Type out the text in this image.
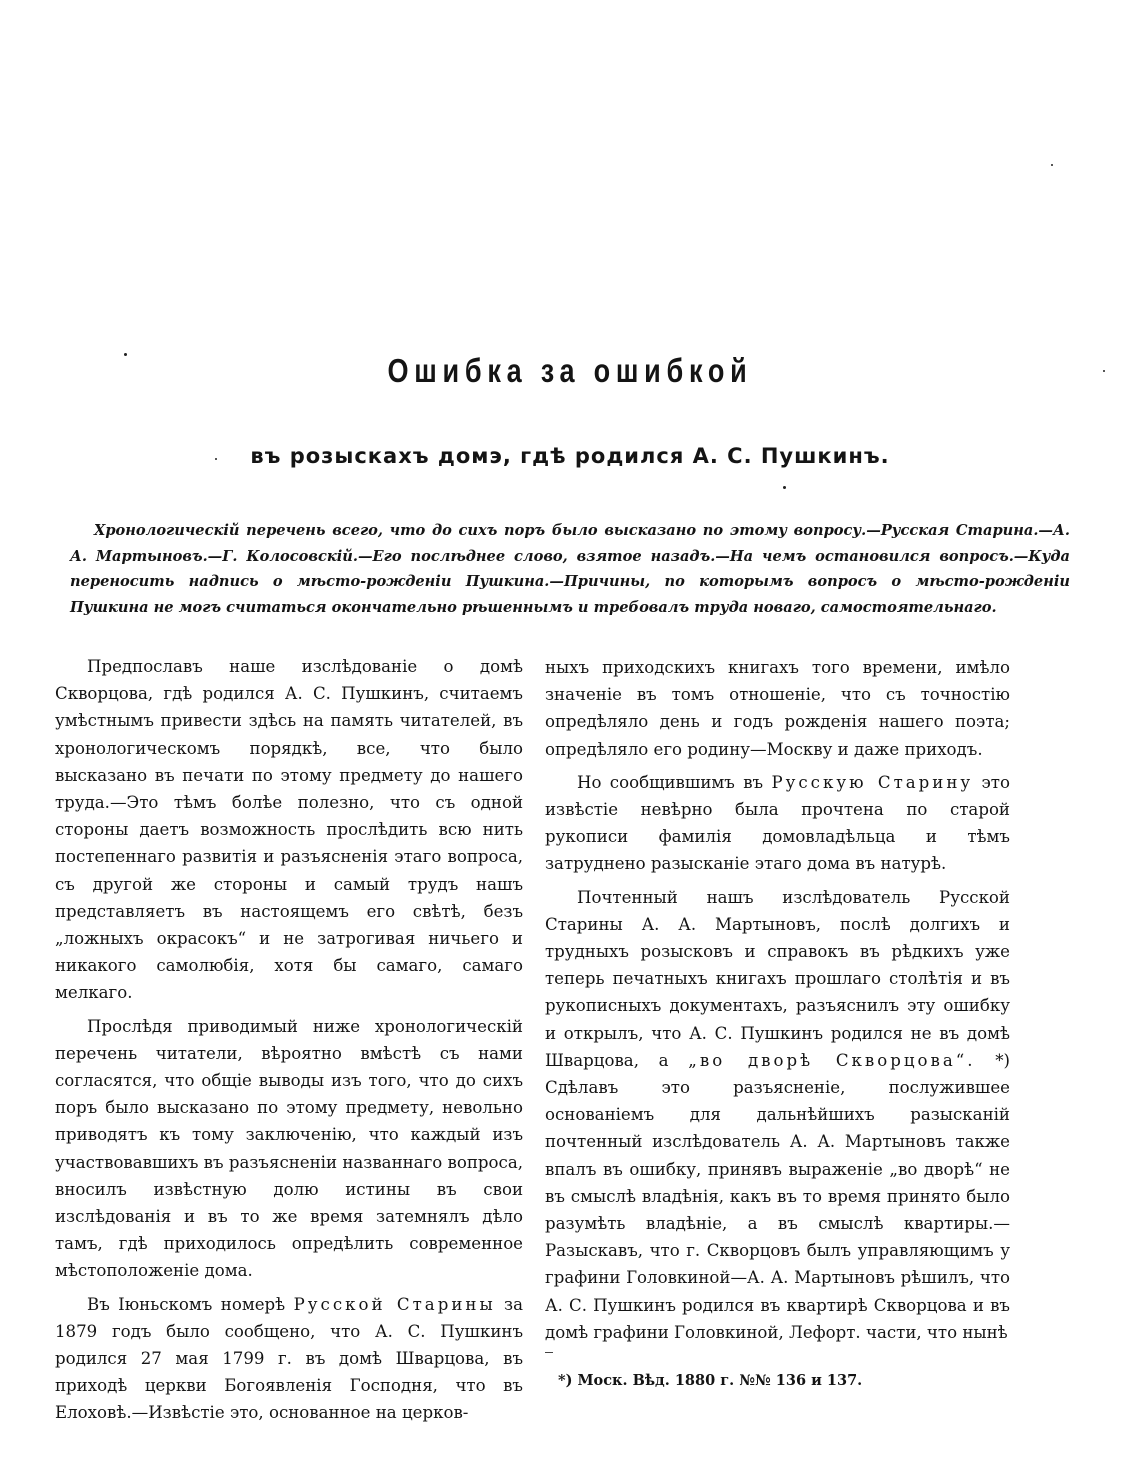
Ошибка за ошибкой
въ розыскахъ домэ, гдѣ родился А. С. Пушкинъ.

Хронологическій перечень всего, что до сихъ поръ было высказано по этому вопросу.—Русская Старина.—А. А. Мартыновъ.—Г. Колосовскій.—Его послѣднее слово, взятое назадъ.—На чемъ остановился вопросъ.—Куда переносить надпись о мѣсто-рожденіи Пушкина.—Причины, по которымъ вопросъ о мѣсто-рожденіи Пушкина не могъ считаться окончательно рѣшеннымъ и требовалъ труда новаго, самостоятельнаго.

Предпославъ наше изслѣдованіе о домѣ Скворцова, гдѣ родился А. С. Пушкинъ, считаемъ умѣстнымъ привести здѣсь на память читателей, въ хронологическомъ порядкѣ, все, что было высказано въ печати по этому предмету до нашего труда.—Это тѣмъ болѣе полезно, что съ одной стороны даетъ возможность прослѣдить всю нить постепеннаго развитія и разъясненія этаго вопроса, съ другой же стороны и самый трудъ нашъ представляетъ въ настоящемъ его свѣтѣ, безъ „ложныхъ окрасокъ“ и не затрогивая ничьего и никакого самолюбія, хотя бы самаго, самаго мелкаго.

Прослѣдя приводимый ниже хронологическій перечень читатели, вѣроятно вмѣстѣ съ нами согласятся, что общіе выводы изъ того, что до сихъ поръ было высказано по этому предмету, невольно приводятъ къ тому заключенію, что каждый изъ участвовавшихъ въ разъясненіи названнаго вопроса, вносилъ извѣстную долю истины въ свои изслѣдованія и въ то же время затемнялъ дѣло тамъ, гдѣ приходилось опредѣлить современное мѣстоположеніе дома.

Въ Іюньскомъ номерѣ Русской Старины за 1879 годъ было сообщено, что А. С. Пушкинъ родился 27 мая 1799 г. въ домѣ Шварцова, въ приходѣ церкви Богоявленія Господня, что въ Елоховѣ.—Извѣстіе это, основанное на церков-

ныхъ приходскихъ книгахъ того времени, имѣло значеніе въ томъ отношеніе, что съ точностію опредѣляло день и годъ рожденія нашего поэта; опредѣляло его родину—Москву и даже приходъ.

Но сообщившимъ въ Русскую Старину это извѣстіе невѣрно была прочтена по старой рукописи фамилія домовладѣльца и тѣмъ затруднено разысканіе этаго дома въ натурѣ.

Почтенный нашъ изслѣдователь Русской Старины А. А. Мартыновъ, послѣ долгихъ и трудныхъ розысковъ и справокъ въ рѣдкихъ уже теперь печатныхъ книгахъ прошлаго столѣтія и въ рукописныхъ документахъ, разъяснилъ эту ошибку и открылъ, что А. С. Пушкинъ родился не въ домѣ Шварцова, а „во дворѣ Скворцова“. *) Сдѣлавъ это разъясненіе, послужившее основаніемъ для дальнѣйшихъ разысканій почтенный изслѣдователь А. А. Мартыновъ также впалъ въ ошибку, принявъ выраженіе „во дворѣ“ не въ смыслѣ владѣнія, какъ въ то время принято было разумѣть владѣніе, а въ смыслѣ квартиры.—Разыскавъ, что г. Скворцовъ былъ управляющимъ у графини Головкиной—А. А. Мартыновъ рѣшилъ, что А. С. Пушкинъ родился въ квартирѣ Скворцова и въ домѣ графини Головкиной, Лефорт. части, что нынѣ

*) Моск. Вѣд. 1880 г. №№ 136 и 137.
